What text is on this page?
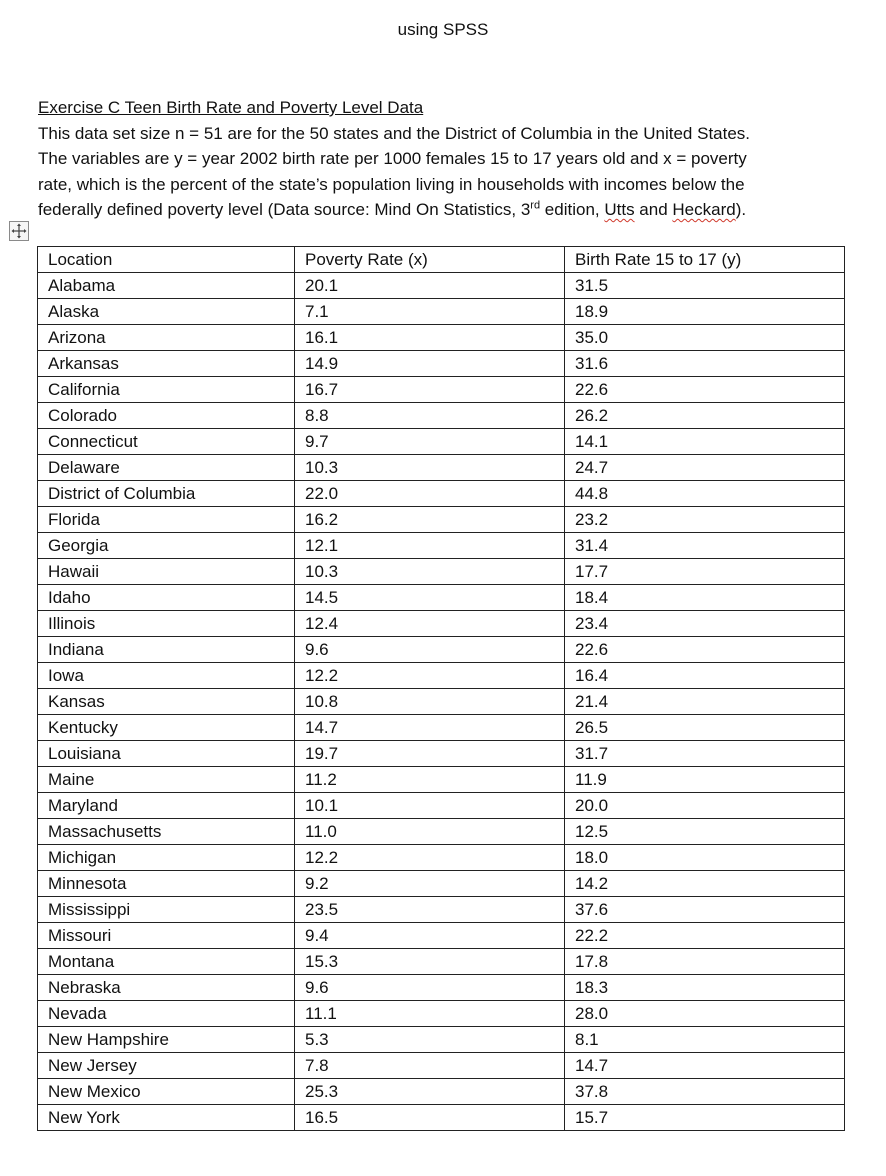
using SPSS
Exercise C Teen Birth Rate and Poverty Level Data
This data set size n = 51 are for the 50 states and the District of Columbia in the United States.
The variables are y = year 2002 birth rate per 1000 females 15 to 17 years old and x = poverty
rate, which is the percent of the state’s population living in households with incomes below the
federally defined poverty level (Data source: Mind On Statistics, 3rd edition, Utts and Heckard).
Location	Poverty Rate (x)	Birth Rate 15 to 17 (y)
Alabama	20.1	31.5
Alaska	7.1	18.9
Arizona	16.1	35.0
Arkansas	14.9	31.6
California	16.7	22.6
Colorado	8.8	26.2
Connecticut	9.7	14.1
Delaware	10.3	24.7
District of Columbia	22.0	44.8
Florida	16.2	23.2
Georgia	12.1	31.4
Hawaii	10.3	17.7
Idaho	14.5	18.4
Illinois	12.4	23.4
Indiana	9.6	22.6
Iowa	12.2	16.4
Kansas	10.8	21.4
Kentucky	14.7	26.5
Louisiana	19.7	31.7
Maine	11.2	11.9
Maryland	10.1	20.0
Massachusetts	11.0	12.5
Michigan	12.2	18.0
Minnesota	9.2	14.2
Mississippi	23.5	37.6
Missouri	9.4	22.2
Montana	15.3	17.8
Nebraska	9.6	18.3
Nevada	11.1	28.0
New Hampshire	5.3	8.1
New Jersey	7.8	14.7
New Mexico	25.3	37.8
New York	16.5	15.7
